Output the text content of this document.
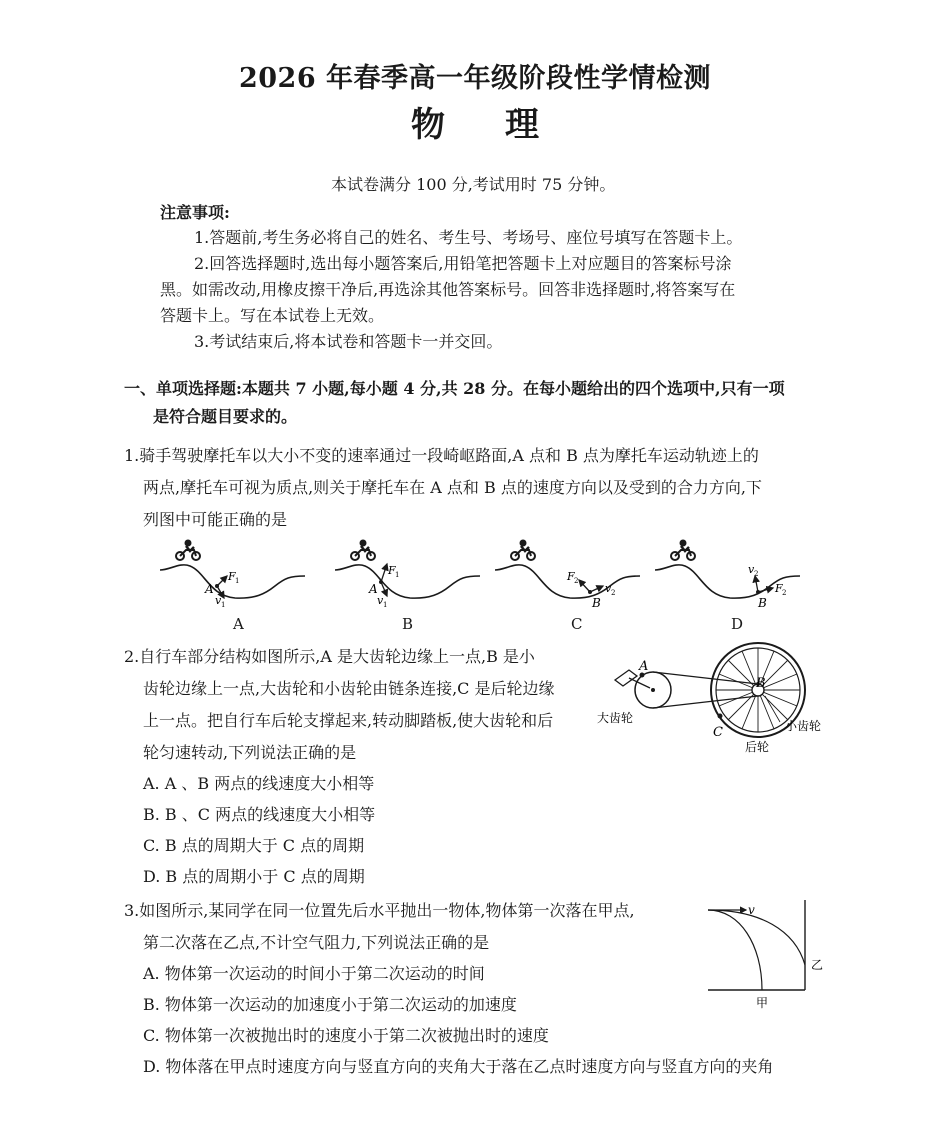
2026 年春季高一年级阶段性学情检测
物理
本试卷满分 100 分,考试用时 75 分钟。
注意事项:
1.答题前,考生务必将自己的姓名、考生号、考场号、座位号填写在答题卡上。
2.回答选择题时,选出每小题答案后,用铅笔把答题卡上对应题目的答案标号涂
黑。如需改动,用橡皮擦干净后,再选涂其他答案标号。回答非选择题时,将答案写在
答题卡上。写在本试卷上无效。
3.考试结束后,将本试卷和答题卡一并交回。
一、单项选择题:本题共 7 小题,每小题 4 分,共 28 分。在每小题给出的四个选项中,只有一项
是符合题目要求的。
1.骑手驾驶摩托车以大小不变的速率通过一段崎岖路面,A 点和 B 点为摩托车运动轨迹上的
两点,摩托车可视为质点,则关于摩托车在 A 点和 B 点的速度方向以及受到的合力方向,下
列图中可能正确的是
A
F 1
v 1
A
F 1
v 1	B
F 2
v 2
B
v 2
F 2
A	B	C	D
2.自行车部分结构如图所示,A 是大齿轮边缘上一点,B 是小
齿轮边缘上一点,大齿轮和小齿轮由链条连接,C 是后轮边缘
上一点。把自行车后轮支撑起来,转动脚踏板,使大齿轮和后
轮匀速转动,下列说法正确的是
A. A 、B 两点的线速度大小相等
B. B 、C 两点的线速度大小相等
C. B 点的周期大于 C 点的周期
D. B 点的周期小于 C 点的周期
A
B
C
大齿轮
小齿轮
后轮
3.如图所示,某同学在同一位置先后水平抛出一物体,物体第一次落在甲点,
第二次落在乙点,不计空气阻力,下列说法正确的是
A. 物体第一次运动的时间小于第二次运动的时间
B. 物体第一次运动的加速度小于第二次运动的加速度
C. 物体第一次被抛出时的速度小于第二次被抛出时的速度
D. 物体落在甲点时速度方向与竖直方向的夹角大于落在乙点时速度方向与竖直方向的夹角
v
甲
乙
